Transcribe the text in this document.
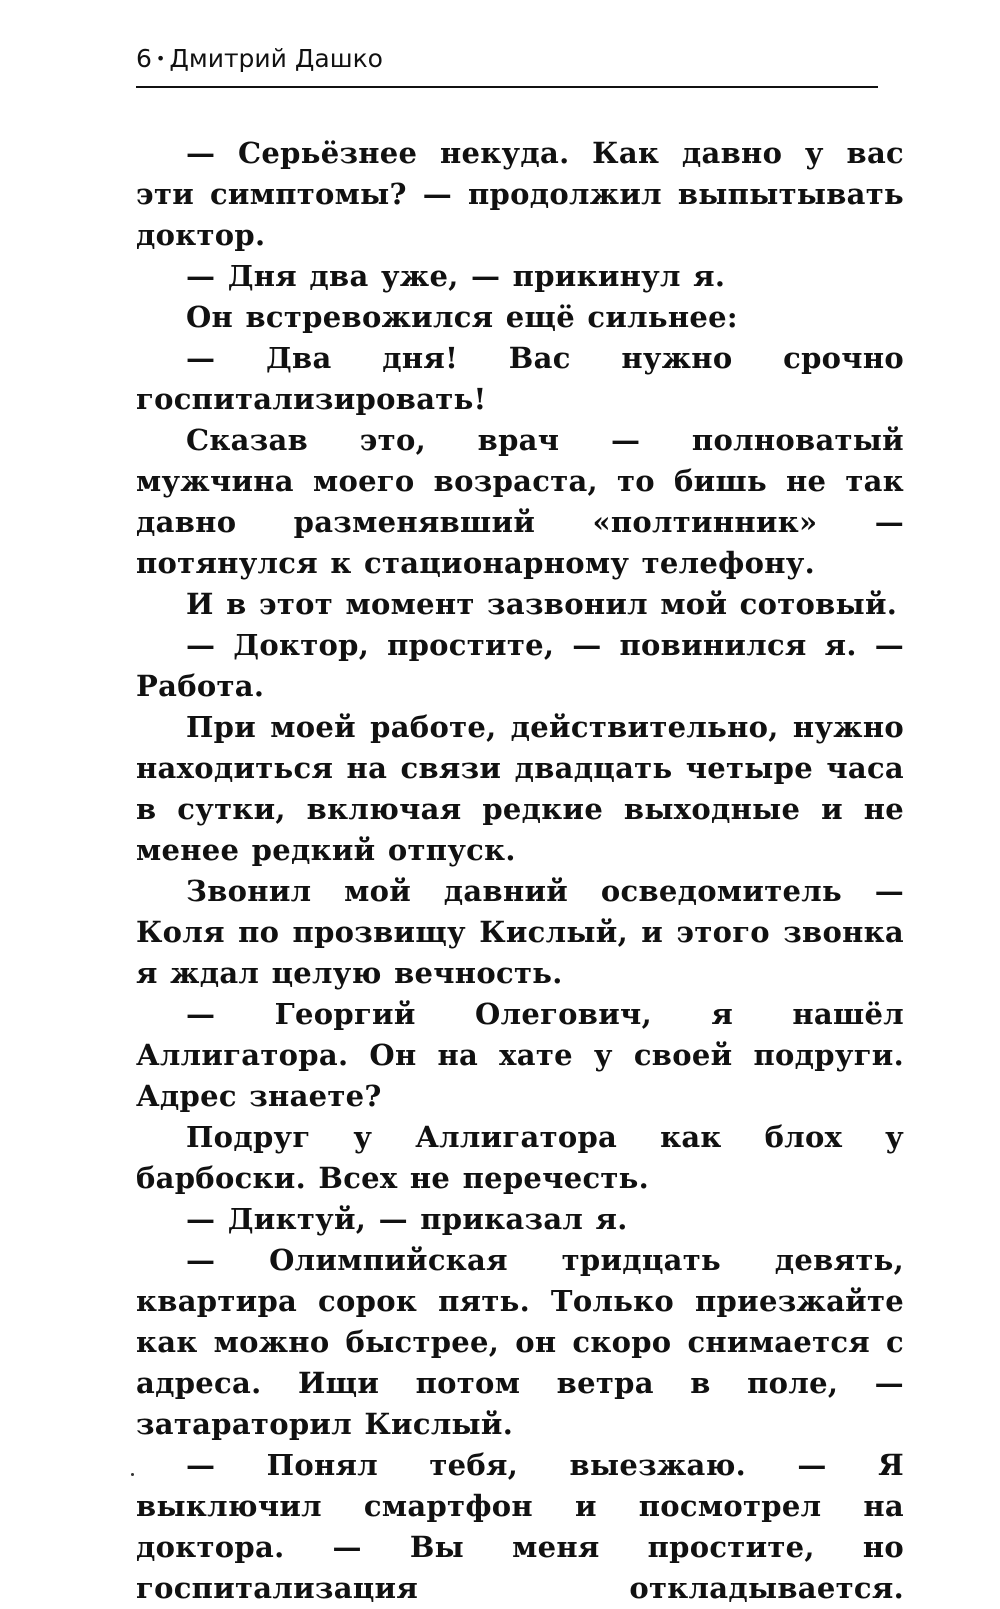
6 • Дмитрий Дашко

— Серьёзнее некуда. Как давно у вас эти симптомы? — продолжил выпытывать доктор.

— Дня два уже, — прикинул я.

Он встревожился ещё сильнее:

— Два дня! Вас нужно срочно госпитализировать!

Сказав это, врач — полноватый мужчина моего возраста, то бишь не так давно разменявший «полтинник» — потянулся к стационарному телефону.

И в этот момент зазвонил мой сотовый.

— Доктор, простите, — повинился я. — Работа.

При моей работе, действительно, нужно находиться на связи двадцать четыре часа в сутки, включая редкие выходные и не менее редкий отпуск.

Звонил мой давний осведомитель — Коля по прозвищу Кислый, и этого звонка я ждал целую вечность.

— Георгий Олегович, я нашёл Аллигатора. Он на хате у своей подруги. Адрес знаете?

Подруг у Аллигатора как блох у барбоски. Всех не перечесть.

— Диктуй, — приказал я.

— Олимпийская тридцать девять, квартира сорок пять. Только приезжайте как можно быстрее, он скоро снимается с адреса. Ищи потом ветра в поле, — затараторил Кислый.

— Понял тебя, выезжаю. — Я выключил смартфон и посмотрел на доктора. — Вы меня простите, но госпитализация откладывается.
